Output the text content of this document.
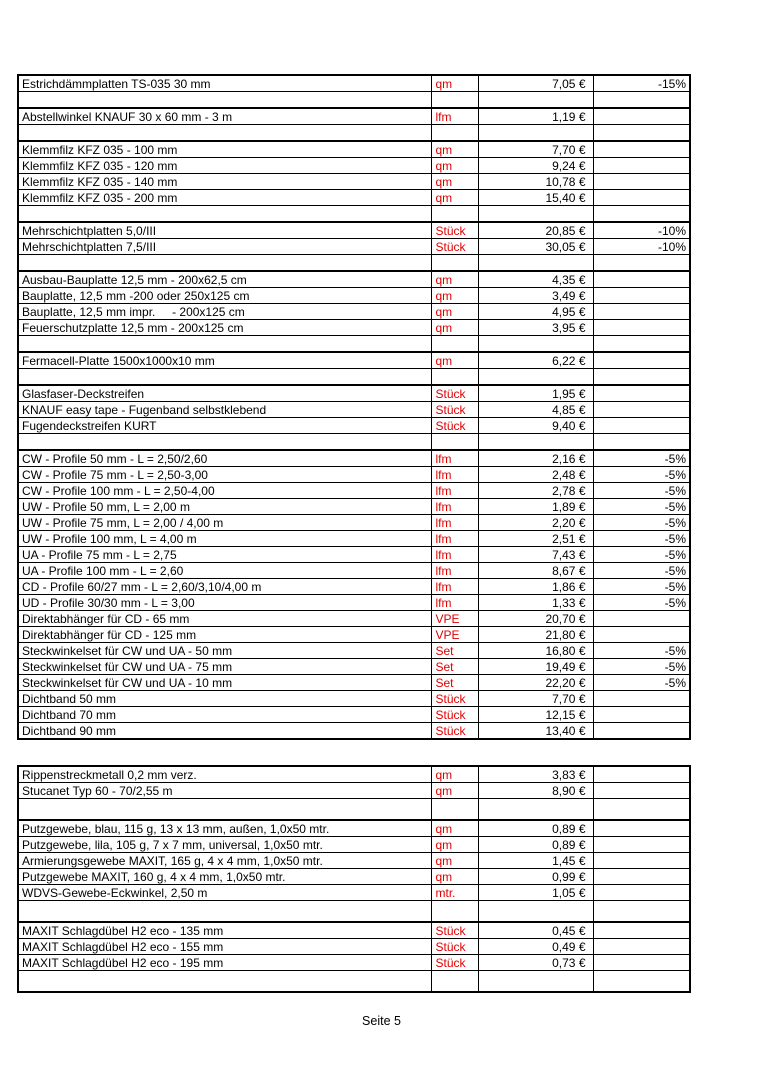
Estrichdämmplatten TS-035 30 mm	qm	7,05 €	-15%

Abstellwinkel KNAUF 30 x 60 mm - 3 m	lfm	1,19 €	

Klemmfilz KFZ 035 - 100 mm	qm	7,70 €	
Klemmfilz KFZ 035 - 120 mm	qm	9,24 €	
Klemmfilz KFZ 035 - 140 mm	qm	10,78 €	
Klemmfilz KFZ 035 - 200 mm	qm	15,40 €	

Mehrschichtplatten 5,0/III	Stück	20,85 €	-10%
Mehrschichtplatten 7,5/III	Stück	30,05 €	-10%

Ausbau-Bauplatte 12,5 mm - 200x62,5 cm	qm	4,35 €	
Bauplatte, 12,5 mm -200 oder 250x125 cm	qm	3,49 €	
Bauplatte, 12,5 mm impr.     - 200x125 cm	qm	4,95 €	
Feuerschutzplatte 12,5 mm - 200x125 cm	qm	3,95 €	

Fermacell-Platte 1500x1000x10 mm	qm	6,22 €	

Glasfaser-Deckstreifen	Stück	1,95 €	
KNAUF easy tape - Fugenband selbstklebend	Stück	4,85 €	
Fugendeckstreifen KURT	Stück	9,40 €	

CW - Profile 50 mm - L = 2,50/2,60	lfm	2,16 €	-5%
CW - Profile 75 mm - L = 2,50-3,00	lfm	2,48 €	-5%
CW - Profile 100 mm - L = 2,50-4,00	lfm	2,78 €	-5%
UW - Profile 50 mm, L = 2,00 m	lfm	1,89 €	-5%
UW - Profile 75 mm, L = 2,00 / 4,00 m	lfm	2,20 €	-5%
UW - Profile 100 mm, L = 4,00 m	lfm	2,51 €	-5%
UA - Profile 75 mm - L = 2,75	lfm	7,43 €	-5%
UA - Profile 100 mm - L = 2,60	lfm	8,67 €	-5%
CD - Profile 60/27 mm - L = 2,60/3,10/4,00 m	lfm	1,86 €	-5%
UD - Profile 30/30 mm - L = 3,00	lfm	1,33 €	-5%
Direktabhänger für CD - 65 mm	VPE	20,70 €	
Direktabhänger für CD - 125 mm	VPE	21,80 €	
Steckwinkelset für CW und UA - 50 mm	Set	16,80 €	-5%
Steckwinkelset für CW und UA - 75 mm	Set	19,49 €	-5%
Steckwinkelset für CW und UA - 10 mm	Set	22,20 €	-5%
Dichtband 50 mm	Stück	7,70 €	
Dichtband 70 mm	Stück	12,15 €	
Dichtband 90 mm	Stück	13,40 €	
Rippenstreckmetall 0,2 mm verz.	qm	3,83 €	
Stucanet Typ 60 - 70/2,55 m	qm	8,90 €	

Putzgewebe, blau, 115 g, 13 x 13 mm, außen, 1,0x50 mtr.	qm	0,89 €	
Putzgewebe, lila, 105 g, 7 x 7 mm, universal, 1,0x50 mtr.	qm	0,89 €	
Armierungsgewebe MAXIT, 165 g, 4 x 4 mm, 1,0x50 mtr.	qm	1,45 €	
Putzgewebe MAXIT, 160 g, 4 x 4 mm, 1,0x50 mtr.	qm	0,99 €	
WDVS-Gewebe-Eckwinkel, 2,50 m	mtr.	1,05 €	

MAXIT Schlagdübel H2 eco - 135 mm	Stück	0,45 €	
MAXIT Schlagdübel H2 eco - 155 mm	Stück	0,49 €	
MAXIT Schlagdübel H2 eco - 195 mm	Stück	0,73 €	

Seite 5
